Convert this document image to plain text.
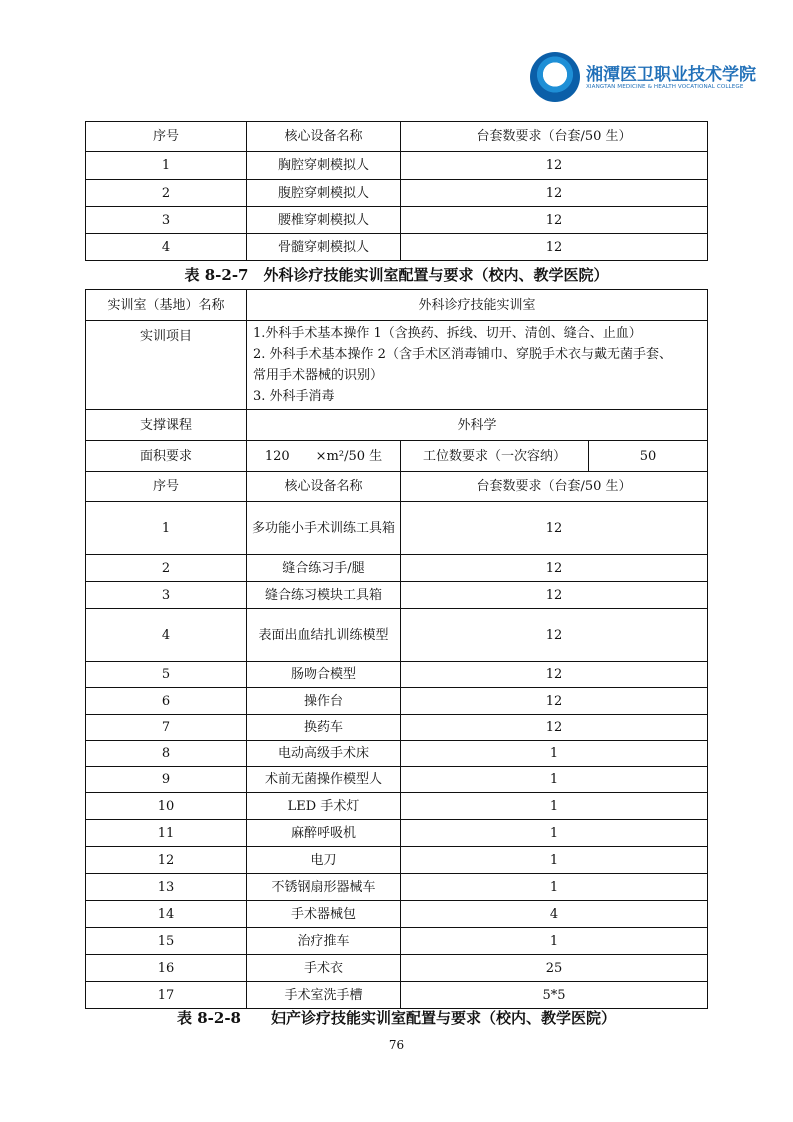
湘潭医卫职业技术学院
XIANGTAN MEDICINE & HEALTH VOCATIONAL COLLEGE
序号	核心设备名称	台套数要求（台套/50 生）
1	胸腔穿刺模拟人	12
2	腹腔穿刺模拟人	12
3	腰椎穿刺模拟人	12
4	骨髓穿刺模拟人	12
表 8-2-7　外科诊疗技能实训室配置与要求（校内、教学医院）
实训室（基地）名称	外科诊疗技能实训室		
实训项目	1.外科手术基本操作 1（含换药、拆线、切开、清创、缝合、止血）
2. 外科手术基本操作 2（含手术区消毒铺巾、穿脱手术衣与戴无菌手套、
常用手术器械的识别）
3. 外科手消毒		

支撑课程	外科学		
面积要求	120　　×m²/50 生	工位数要求（一次容纳）	50
序号	核心设备名称	台套数要求（台套/50 生）	
1	多功能小手术训练工具箱	12	
2	缝合练习手/腿	12	
3	缝合练习模块工具箱	12	
4	表面出血结扎训练模型	12	
5	肠吻合模型	12	
6	操作台	12	
7	换药车	12	
8	电动高级手术床	1	
9	术前无菌操作模型人	1	
10	LED 手术灯	1	
11	麻醉呼吸机	1	
12	电刀	1	
13	不锈钢扇形器械车	1	
14	手术器械包	4	
15	治疗推车	1	
16	手术衣	25	
17	手术室洗手槽	5*5	
表 8-2-8　　妇产诊疗技能实训室配置与要求（校内、教学医院）
76
